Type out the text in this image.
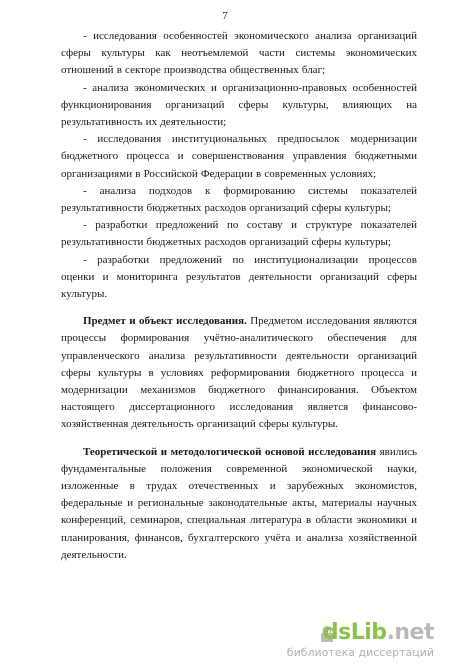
7

- исследования особенностей экономического анализа организаций сферы культуры как неотъемлемой части системы экономических отношений в секторе производства общественных благ;

- анализа экономических и организационно-правовых особенностей функционирования организаций сферы культуры, влияющих на результативность их деятельности;

- исследования институциональных предпосылок модернизации бюджетного процесса и совершенствования управления бюджетными организациями в Российской Федерации в современных условиях;

- анализа подходов к формированию системы показателей результативности бюджетных расходов организаций сферы культуры;

- разработки предложений по составу и структуре показателей результативности бюджетных расходов организаций сферы культуры;

- разработки предложений по институционализации процессов оценки и мониторинга результатов деятельности организаций сферы культуры.

Предмет и объект исследования. Предметом исследования являются процессы формирования учётно-аналитического обеспечения для управленческого анализа результативности деятельности организаций сферы культуры в условиях реформирования бюджетного процесса и модернизации механизмов бюджетного финансирования. Объектом настоящего диссертационного исследования является финансово-хозяйственная деятельность организаций сферы культуры.

Теоретической и методологической основой исследования явились фундаментальные положения современной экономической науки, изложенные в трудах отечественных и зарубежных экономистов, федеральные и региональные законодательные акты, материалы научных конференций, семинаров, специальная литература в области экономики и планирования, финансов, бухгалтерского учёта и анализа хозяйственной деятельности.

dsLib.net
библиотека диссертаций
